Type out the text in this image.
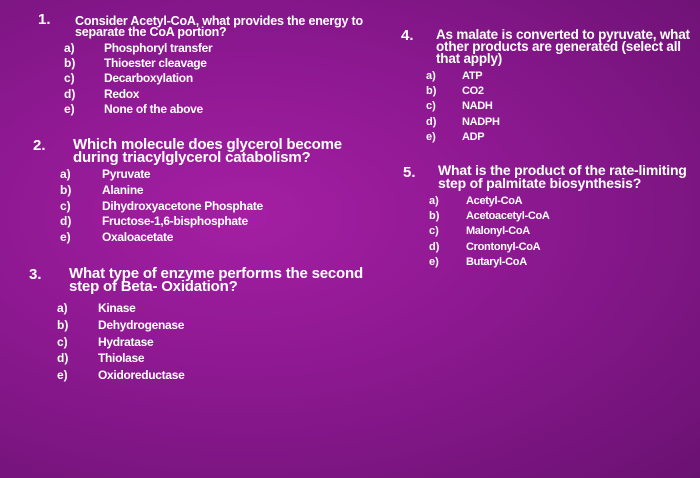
1. Consider Acetyl-CoA, what provides the energy to
separate the CoA portion?
a)	Phosphoryl transfer
b)	Thioester cleavage
c)	Decarboxylation
d)	Redox
e)	None of the above
2. Which molecule does glycerol become
during triacylglycerol catabolism?
a)	Pyruvate
b)	Alanine
c)	Dihydroxyacetone Phosphate
d)	Fructose-1,6-bisphosphate
e)	Oxaloacetate
3. What type of enzyme performs the second
step of Beta- Oxidation?
a)	Kinase
b)	Dehydrogenase
c)	Hydratase
d)	Thiolase
e)	Oxidoreductase
4. As malate is converted to pyruvate, what
other products are generated (select all
that apply)
a)	ATP
b)	CO2
c)	NADH
d)	NADPH
e)	ADP
5. What is the product of the rate-limiting
step of palmitate biosynthesis?
a)	Acetyl-CoA
b)	Acetoacetyl-CoA
c)	Malonyl-CoA
d)	Crontonyl-CoA
e)	Butaryl-CoA
